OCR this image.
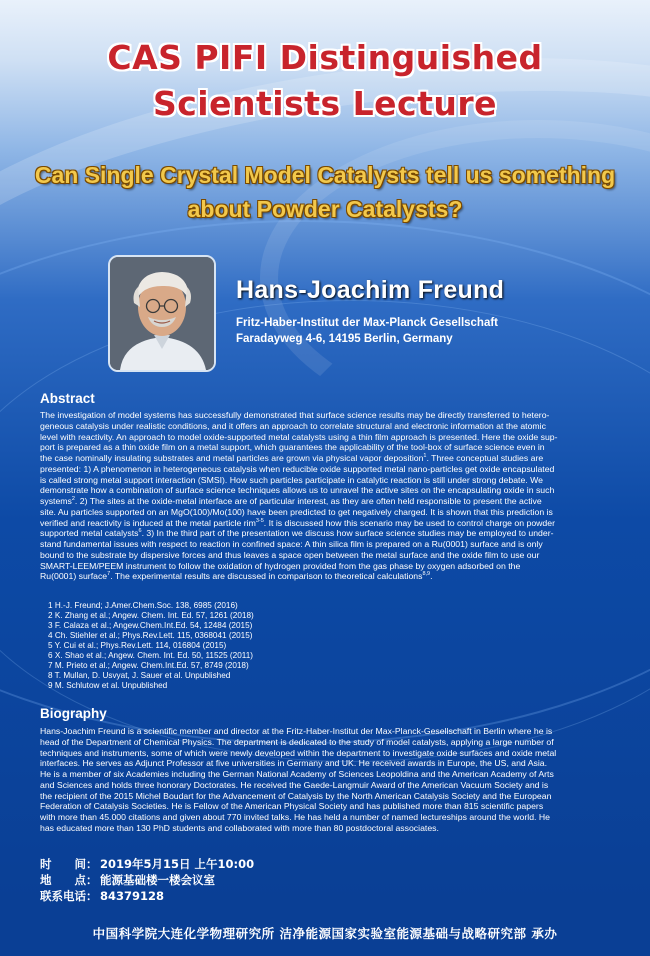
CAS PIFI Distinguished
Scientists Lecture
Can Single Crystal Model Catalysts tell us something
about Powder Catalysts?
Hans-Joachim Freund
Fritz-Haber-Institut der Max-Planck Gesellschaft
Faradayweg 4-6, 14195 Berlin, Germany
Abstract
The investigation of model systems has successfully demonstrated that surface science results may be directly transferred to hetero-
geneous catalysis under realistic conditions, and it offers an approach to correlate structural and electronic information at the atomic
level with reactivity. An approach to model oxide-supported metal catalysts using a thin film approach is presented. Here the oxide sup-
port is prepared as a thin oxide film on a metal support, which guarantees the applicability of the tool-box of surface science even in
the case nominally insulating substrates and metal particles are grown via physical vapor deposition$^1$. Three conceptual studies are
presented: 1) A phenomenon in heterogeneous catalysis when reducible oxide supported metal nano-particles get oxide encapsulated
is called strong metal support interaction (SMSI). How such particles participate in catalytic reaction is still under strong debate. We
demonstrate how a combination of surface science techniques allows us to unravel the active sites on the encapsulating oxide in such
systems$^2$. 2) The sites at the oxide-metal interface are of particular interest, as they are often held responsible to present the active
site. Au particles supported on an MgO(100)/Mo(100) have been predicted to get negatively charged. It is shown that this prediction is
verified and reactivity is induced at the metal particle rim$^{3-5}$. It is discussed how this scenario may be used to control charge on powder
supported metal catalysts$^6$. 3) In the third part of the presentation we discuss how surface science studies may be employed to under-
stand fundamental issues with respect to reaction in confined space: A thin silica film is prepared on a Ru(0001) surface and is only
bound to the substrate by dispersive forces and thus leaves a space open between the metal surface and the oxide film to use our
SMART-LEEM/PEEM instrument to follow the oxidation of hydrogen provided from the gas phase by oxygen adsorbed on the
Ru(0001) surface$^7$. The experimental results are discussed in comparison to theoretical calculations$^{8,9}$.
1 H.-J. Freund; J.Amer.Chem.Soc. 138, 6985 (2016)
2 K. Zhang et al.; Angew. Chem. Int. Ed. 57, 1261 (2018)
3 F. Calaza et al.; Angew.Chem.Int.Ed. 54, 12484 (2015)
4 Ch. Stiehler et al.; Phys.Rev.Lett. 115, 0368041 (2015)
5 Y. Cui et al.; Phys.Rev.Lett. 114, 016804 (2015)
6 X. Shao et al.; Angew. Chem. Int. Ed. 50, 11525 (2011)
7 M. Prieto et al.; Angew. Chem.Int.Ed. 57, 8749 (2018)
8 T. Mullan, D. Usvyat, J. Sauer et al. Unpublished
9 M. Schlutow et al. Unpublished
Biography
Hans-Joachim Freund is a scientific member and director at the Fritz-Haber-Institut der Max-Planck-Gesellschaft in Berlin where he is
head of the Department of Chemical Physics. The department is dedicated to the study of model catalysts, applying a large number of
techniques and instruments, some of which were newly developed within the department to investigate oxide surfaces and oxide metal
interfaces. He serves as Adjunct Professor at five universities in Germany and UK. He received awards in Europe, the US, and Asia.
He is a member of six Academies including the German National Academy of Sciences Leopoldina and the American Academy of Arts
and Sciences and holds three honorary Doctorates. He received the Gaede-Langmuir Award of the American Vacuum Society and is
the recipient of the 2015 Michel Boudart for the Advancement of Catalysis by the North American Catalysis Society and the European
Federation of Catalysis Societies. He is Fellow of the American Physical Society and has published more than 815 scientific papers
with more than 45.000 citations and given about 770 invited talks. He has held a number of named lectureships around the world. He
has educated more than 130 PhD students and collaborated with more than 80 postdoctoral associates.
时　　间： 2019年5月15日 上午10:00
地　　点： 能源基础楼一楼会议室
联系电话： 84379128
中国科学院大连化学物理研究所 洁净能源国家实验室能源基础与战略研究部 承办
